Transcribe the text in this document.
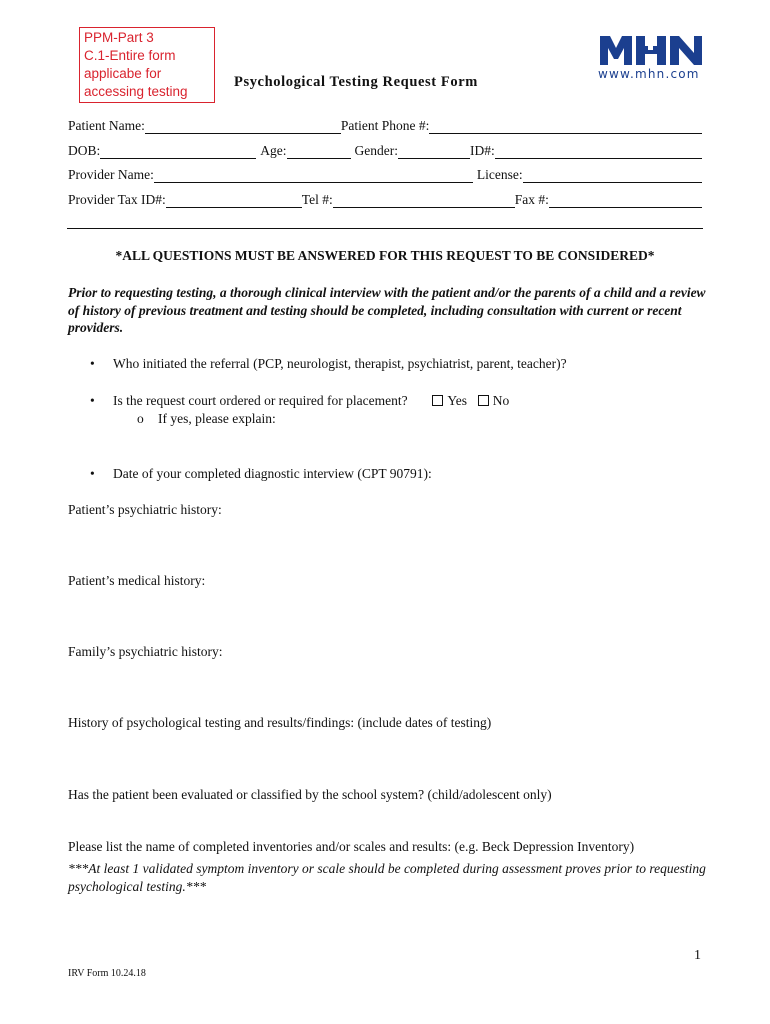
PPM-Part 3
C.1-Entire form
applicabe for
accessing testing
www.mhn.com
Psychological Testing Request Form
Patient Name:	Patient Phone #:
DOB:	Age:	Gender:	ID#:
Provider Name:	License:
Provider Tax ID#:	Tel #:	Fax #:
*ALL QUESTIONS MUST BE ANSWERED FOR THIS REQUEST TO BE CONSIDERED*
Prior to requesting testing, a thorough clinical interview with the patient and/or the parents of a child and a review of history of previous treatment and testing should be completed, including consultation with current or recent providers.
• Who initiated the referral (PCP, neurologist, therapist, psychiatrist, parent, teacher)?
• Is the request court ordered or required for placement?	Yes No
o If yes, please explain:
• Date of your completed diagnostic interview (CPT 90791):
Patient’s psychiatric history:
Patient’s medical history:
Family’s psychiatric history:
History of psychological testing and results/findings: (include dates of testing)
Has the patient been evaluated or classified by the school system? (child/adolescent only)
Please list the name of completed inventories and/or scales and results: (e.g. Beck Depression Inventory)
***At least 1 validated symptom inventory or scale should be completed during assessment proves prior to requesting psychological testing.***
1
IRV Form 10.24.18
